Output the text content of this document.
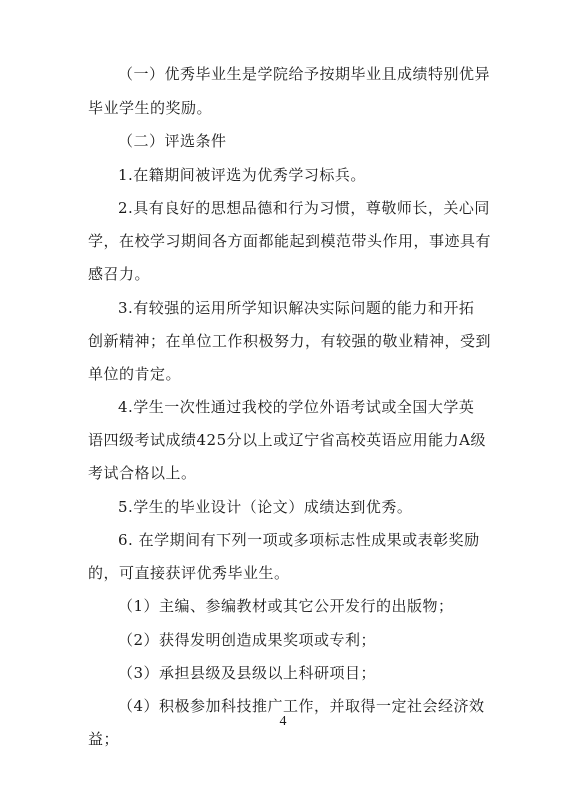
（一）优秀毕业生是学院给予按期毕业且成绩特别优异
毕业学生的奖励。
（二）评选条件
1.在籍期间被评选为优秀学习标兵。
2.具有良好的思想品德和行为习惯，尊敬师长，关心同
学，在校学习期间各方面都能起到模范带头作用，事迹具有
感召力。
3.有较强的运用所学知识解决实际问题的能力和开拓
创新精神；在单位工作积极努力，有较强的敬业精神，受到
单位的肯定。
4.学生一次性通过我校的学位外语考试或全国大学英
语四级考试成绩425分以上或辽宁省高校英语应用能力A级
考试合格以上。
5.学生的毕业设计（论文）成绩达到优秀。
6. 在学期间有下列一项或多项标志性成果或表彰奖励
的，可直接获评优秀毕业生。
（1）主编、参编教材或其它公开发行的出版物；
（2）获得发明创造成果奖项或专利；
（3）承担县级及县级以上科研项目；
（4）积极参加科技推广工作，并取得一定社会经济效
益；
4
